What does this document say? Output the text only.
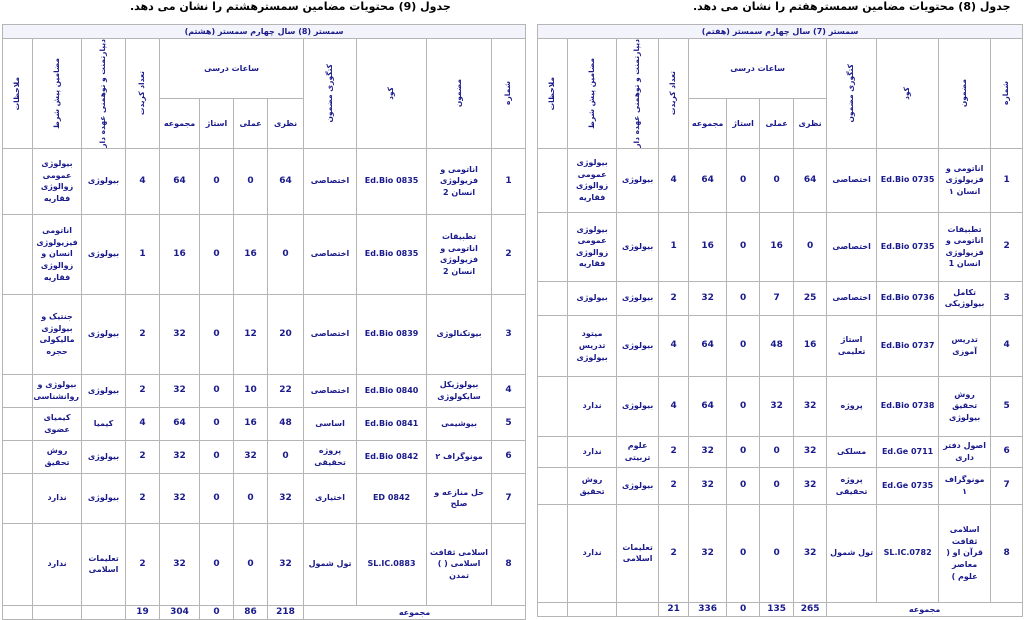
جدول (9) محتویات مضامین سمسترهشتم را نشان می دهد.	جدول (8) محتویات مضامین سمسترهفتم را نشان می دهد.
سمستر (8) سال چهارم سمستر (هشتم)											

شماره	مضمون	کود	کتگوری مضمون	ساعات درسی				تعداد کریدت	دیپارتمنت و توهمنی عهده دار	مضامین پیش شرط	ملاحظات

				نظری	عملی	استاژ	مجموعه				
1	اناتومی و فزیولوژی انسان 2	Ed.Bio 0835	اختصاصی	64	0	0	64	4	بیولوژی	بیولوژی عمومی زوالوژی فقاریه	
2	تطبیقات اناتومی و فزیولوژی انسان 2	Ed.Bio 0835	اختصاصی	0	16	0	16	1	بیولوژی	اناتومی فیزیولوژی انسان و زوالوژی فقاریه	
3	بیوتکنالوژی	Ed.Bio 0839	اختصاصی	20	12	0	32	2	بیولوژی	جنتیک و بیولوژی مالیکولی حجره	
4	بیولوژیکل سایکولوژی	Ed.Bio 0840	اختصاصی	22	10	0	32	2	بیولوژی	بیولوژی و روانشناسی	
5	بیوشیمی	Ed.Bio 0841	اساسی	48	16	0	64	4	کیمیا	کیمیای عضوی	
6	مونوگراف ۲	Ed.Bio 0842	پروژه تحقیقی	0	32	0	32	2	بیولوژی	روش تحقیق	
7	حل منازعه و صلح	ED 0842	اختیاری	32	0	0	32	2	بیولوژی	ندارد	
8	اسلامی ثقافت اسلامی ( ) تمدن	SL.IC.0883	تول شمول	32	0	0	32	2	تعلیمات اسلامی	ندارد	
مجموعه				218	86	0	304	19			
سمستر (7) سال چهارم سمستر (هفتم)											

شماره	مضمون	کود	کتگوری مضمون	ساعات درسی				تعداد کریدت	دیپارتمنت و توهمنی عهده دار	مضامین پیش شرط	ملاحظات

				نظری	عملی	استاژ	مجموعه				
1	اناتومی و فزیولوژی انسان ۱	Ed.Bio 0735	اختصاصی	64	0	0	64	4	بیولوژی	بیولوژی عمومی زوالوژی فقاریه	
2	تطبیقات اناتومی و فزیولوژی انسان 1	Ed.Bio 0735	اختصاصی	0	16	0	16	1	بیولوژی	بیولوژی عمومی زوالوژی فقاریه	
3	تکامل بیولوژیکی	Ed.Bio 0736	اختصاصی	25	7	0	32	2	بیولوژی	بیولوژی	
4	تدریس آموزی	Ed.Bio 0737	استاژ تعلیمی	16	48	0	64	4	بیولوژی	میتود تدریس بیولوژی	
5	روش تحقیق بیولوژی	Ed.Bio 0738	پروژه	32	32	0	64	4	بیولوژی	ندارد	
6	اصول دفتر داری	Ed.Ge 0711	مسلکی	32	0	0	32	2	علوم تربیتی	ندارد	
7	مونوگراف ۱	Ed.Ge 0735	پروژه تحقیقی	32	0	0	32	2	بیولوژی	روش تحقیق	
8	اسلامی ثقافت قرآن او ( معاصر علوم )	SL.IC.0782	تول شمول	32	0	0	32	2	تعلیمات اسلامی	ندارد	
مجموعه				265	135	0	336	21			
